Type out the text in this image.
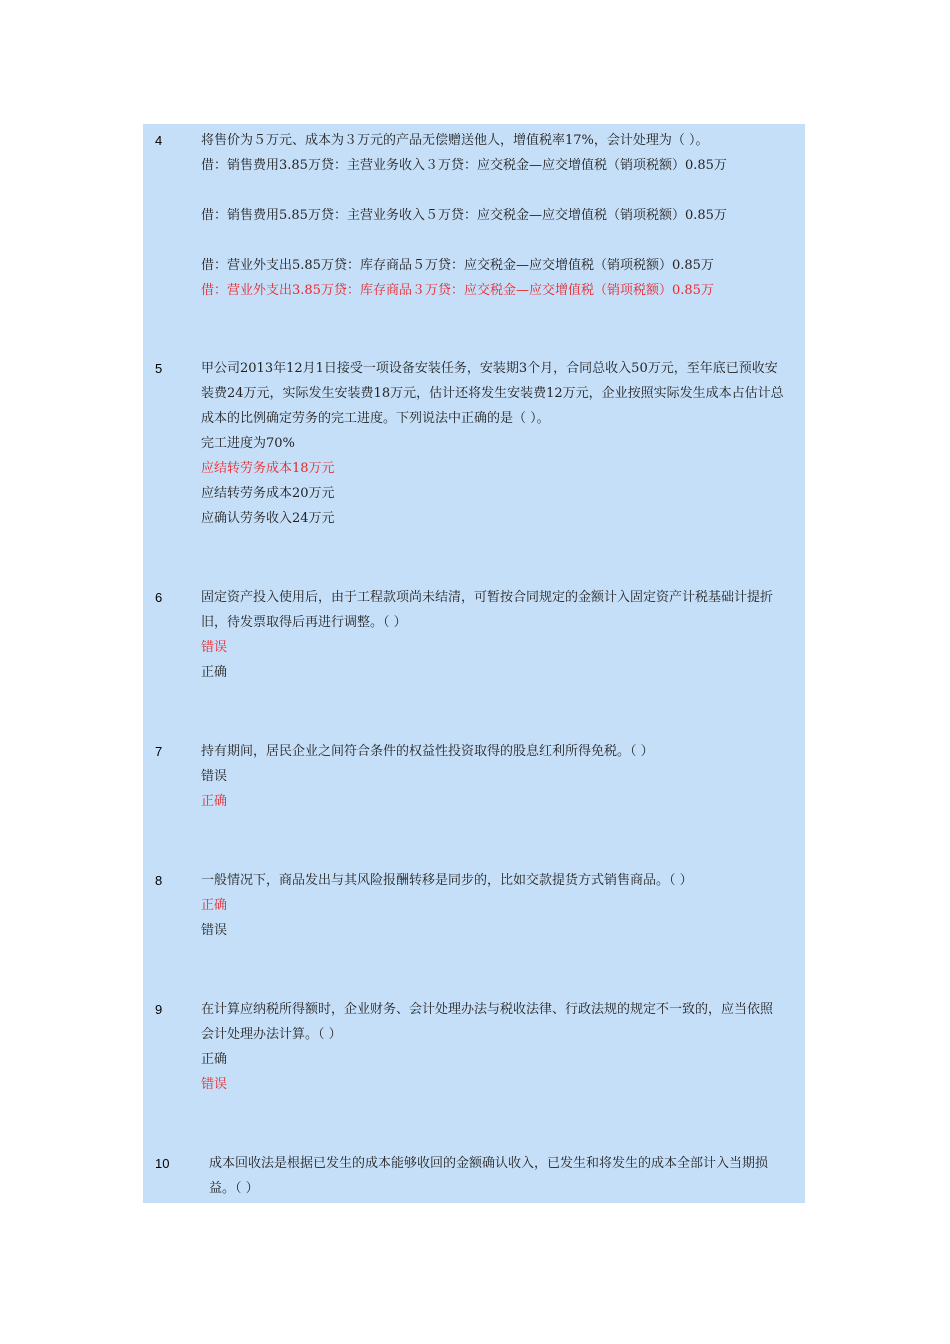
4	将售价为５万元、成本为３万元的产品无偿赠送他人，增值税率17%，会计处理为（ ）。

借：销售费用3.85万贷：主营业务收入３万贷：应交税金—应交增值税（销项税额）0.85万

借：销售费用5.85万贷：主营业务收入５万贷：应交税金—应交增值税（销项税额）0.85万

借：营业外支出5.85万贷：库存商品５万贷：应交税金—应交增值税（销项税额）0.85万

借：营业外支出3.85万贷：库存商品３万贷：应交税金—应交增值税（销项税额）0.85万

5	甲公司2013年12月1日接受一项设备安装任务，安装期3个月，合同总收入50万元，至年底已预收安装费24万元，实际发生安装费18万元，估计还将发生安装费12万元，企业按照实际发生成本占估计总成本的比例确定劳务的完工进度。下列说法中正确的是（ ）。

完工进度为70%

应结转劳务成本18万元

应结转劳务成本20万元

应确认劳务收入24万元

6	固定资产投入使用后，由于工程款项尚未结清，可暂按合同规定的金额计入固定资产计税基础计提折旧，待发票取得后再进行调整。（ ）

错误

正确

7	持有期间，居民企业之间符合条件的权益性投资取得的股息红利所得免税。（ ）

错误

正确

8	一般情况下，商品发出与其风险报酬转移是同步的，比如交款提货方式销售商品。（ ）

正确

错误

9	在计算应纳税所得额时，企业财务、会计处理办法与税收法律、行政法规的规定不一致的，应当依照会计处理办法计算。（ ）

正确

错误

10	成本回收法是根据已发生的成本能够收回的金额确认收入，已发生和将发生的成本全部计入当期损益。（ ）
